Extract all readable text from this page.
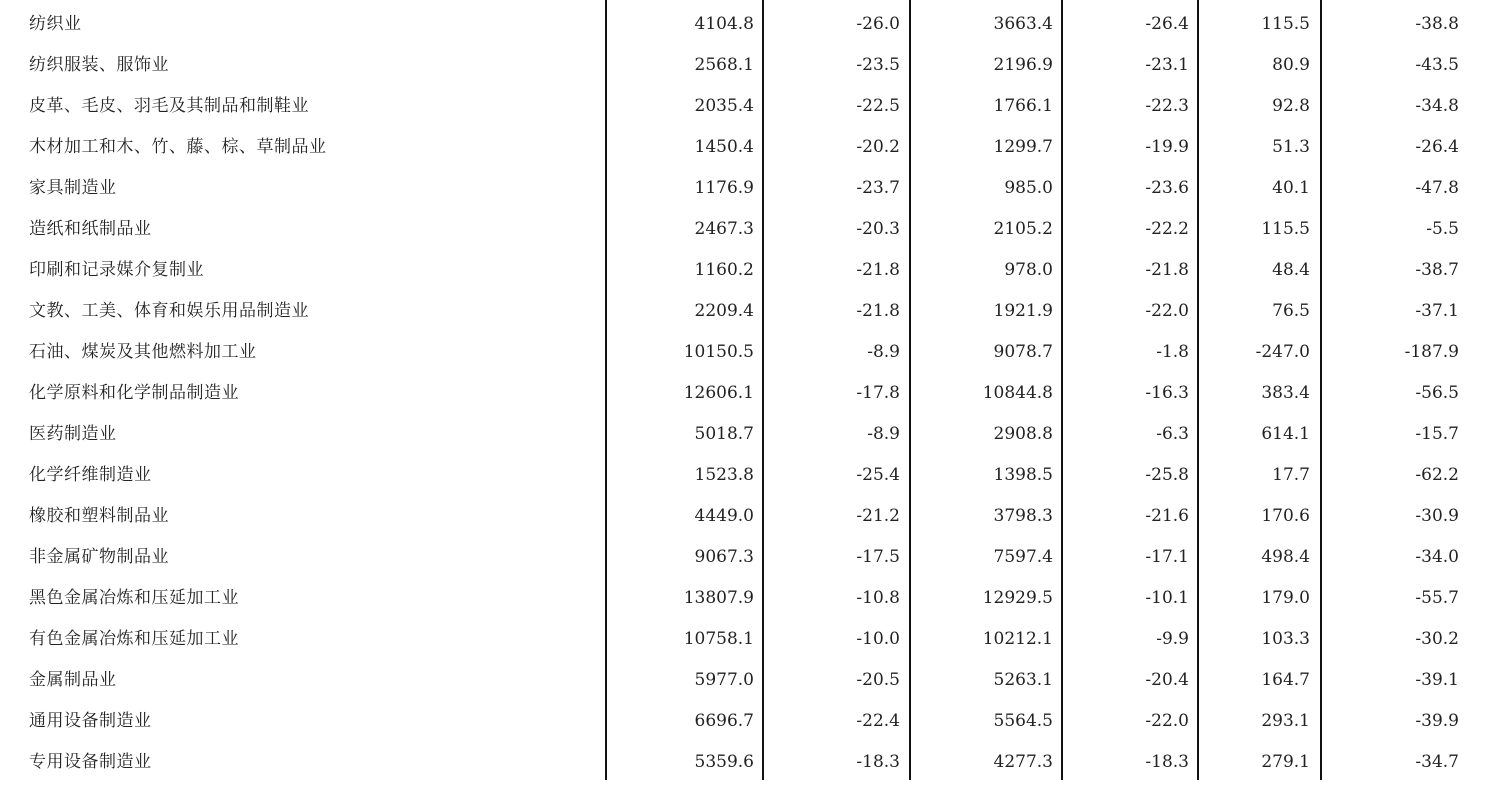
纺织业	4104.8	-26.0	3663.4	-26.4	115.5	-38.8
纺织服装、服饰业	2568.1	-23.5	2196.9	-23.1	80.9	-43.5
皮革、毛皮、羽毛及其制品和制鞋业	2035.4	-22.5	1766.1	-22.3	92.8	-34.8
木材加工和木、竹、藤、棕、草制品业	1450.4	-20.2	1299.7	-19.9	51.3	-26.4
家具制造业	1176.9	-23.7	985.0	-23.6	40.1	-47.8
造纸和纸制品业	2467.3	-20.3	2105.2	-22.2	115.5	-5.5
印刷和记录媒介复制业	1160.2	-21.8	978.0	-21.8	48.4	-38.7
文教、工美、体育和娱乐用品制造业	2209.4	-21.8	1921.9	-22.0	76.5	-37.1
石油、煤炭及其他燃料加工业	10150.5	-8.9	9078.7	-1.8	-247.0	-187.9
化学原料和化学制品制造业	12606.1	-17.8	10844.8	-16.3	383.4	-56.5
医药制造业	5018.7	-8.9	2908.8	-6.3	614.1	-15.7
化学纤维制造业	1523.8	-25.4	1398.5	-25.8	17.7	-62.2
橡胶和塑料制品业	4449.0	-21.2	3798.3	-21.6	170.6	-30.9
非金属矿物制品业	9067.3	-17.5	7597.4	-17.1	498.4	-34.0
黑色金属冶炼和压延加工业	13807.9	-10.8	12929.5	-10.1	179.0	-55.7
有色金属冶炼和压延加工业	10758.1	-10.0	10212.1	-9.9	103.3	-30.2
金属制品业	5977.0	-20.5	5263.1	-20.4	164.7	-39.1
通用设备制造业	6696.7	-22.4	5564.5	-22.0	293.1	-39.9
专用设备制造业	5359.6	-18.3	4277.3	-18.3	279.1	-34.7
